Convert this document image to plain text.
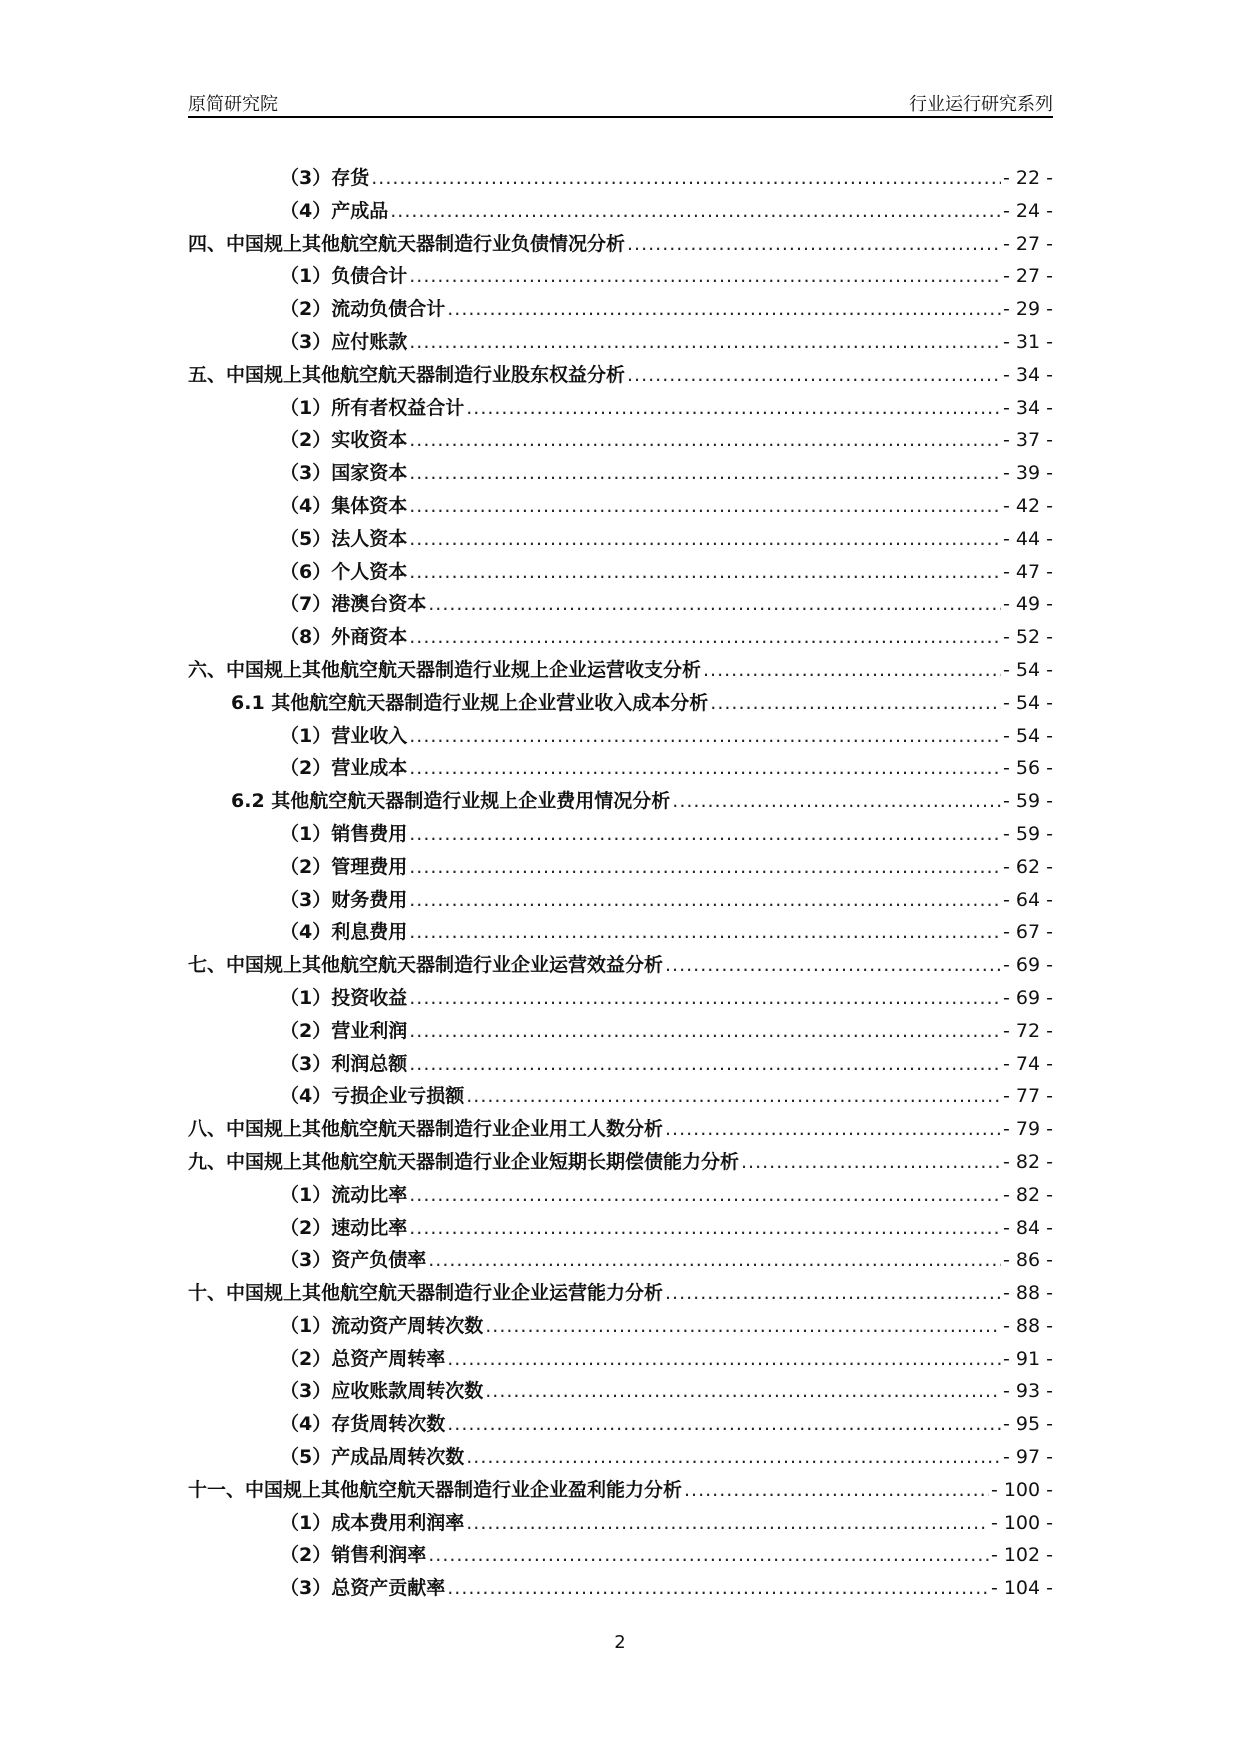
原简研究院	行业运行研究系列
（3）存货 .....	- 22 -
（4）产成品 .....	- 24 -
四、中国规上其他航空航天器制造行业负债情况分析 .....	- 27 -
（1）负债合计 .....	- 27 -
（2）流动负债合计 .....	- 29 -
（3）应付账款 .....	- 31 -
五、中国规上其他航空航天器制造行业股东权益分析 .....	- 34 -
（1）所有者权益合计 .....	- 34 -
（2）实收资本 .....	- 37 -
（3）国家资本 .....	- 39 -
（4）集体资本 .....	- 42 -
（5）法人资本 .....	- 44 -
（6）个人资本 .....	- 47 -
（7）港澳台资本 .....	- 49 -
（8）外商资本 .....	- 52 -
六、中国规上其他航空航天器制造行业规上企业运营收支分析 .....	- 54 -
6.1 其他航空航天器制造行业规上企业营业收入成本分析 .....	- 54 -
（1）营业收入 .....	- 54 -
（2）营业成本 .....	- 56 -
6.2 其他航空航天器制造行业规上企业费用情况分析 .....	- 59 -
（1）销售费用 .....	- 59 -
（2）管理费用 .....	- 62 -
（3）财务费用 .....	- 64 -
（4）利息费用 .....	- 67 -
七、中国规上其他航空航天器制造行业企业运营效益分析 .....	- 69 -
（1）投资收益 .....	- 69 -
（2）营业利润 .....	- 72 -
（3）利润总额 .....	- 74 -
（4）亏损企业亏损额 .....	- 77 -
八、中国规上其他航空航天器制造行业企业用工人数分析 .....	- 79 -
九、中国规上其他航空航天器制造行业企业短期长期偿债能力分析 .....	- 82 -
（1）流动比率 .....	- 82 -
（2）速动比率 .....	- 84 -
（3）资产负债率 .....	- 86 -
十、中国规上其他航空航天器制造行业企业运营能力分析 .....	- 88 -
（1）流动资产周转次数 .....	- 88 -
（2）总资产周转率 .....	- 91 -
（3）应收账款周转次数 .....	- 93 -
（4）存货周转次数 .....	- 95 -
（5）产成品周转次数 .....	- 97 -
十一、中国规上其他航空航天器制造行业企业盈利能力分析 .....	- 100 -
（1）成本费用利润率 .....	- 100 -
（2）销售利润率 .....	- 102 -
（3）总资产贡献率 .....	- 104 -
2
